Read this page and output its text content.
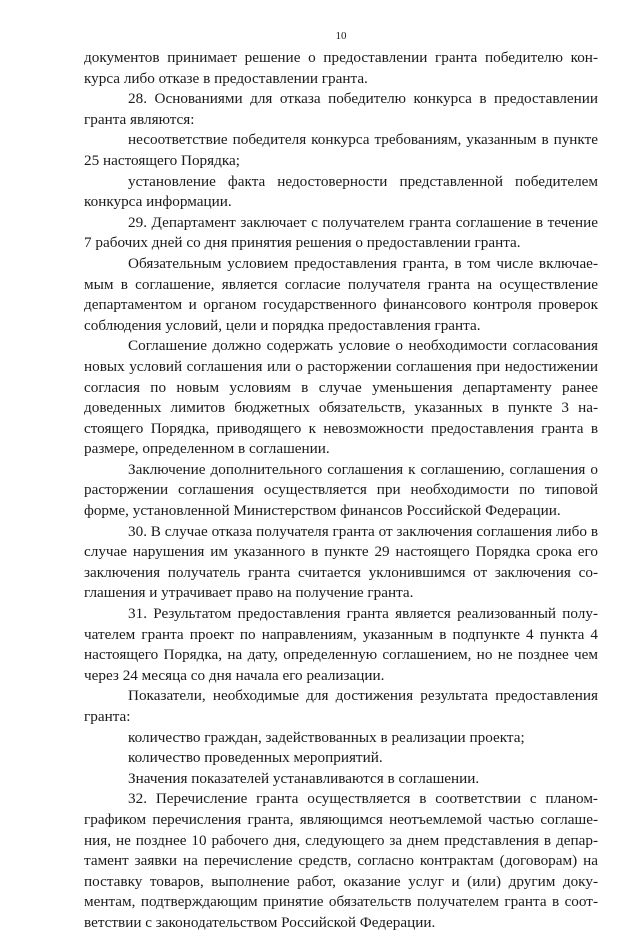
10

документов принимает решение о предоставлении гранта победителю конкурса либо отказе в предоставлении гранта.

28. Основаниями для отказа победителю конкурса в предоставлении гранта являются:

несоответствие победителя конкурса требованиям, указанным в пункте 25 настоящего Порядка;

установление факта недостоверности представленной победителем конкурса информации.

29. Департамент заключает с получателем гранта соглашение в течение 7 рабочих дней со дня принятия решения о предоставлении гранта.

Обязательным условием предоставления гранта, в том числе включаемым в соглашение, является согласие получателя гранта на осуществление департаментом и органом государственного финансового контроля проверок соблюдения условий, цели и порядка предоставления гранта.

Соглашение должно содержать условие о необходимости согласования новых условий соглашения или о расторжении соглашения при недостижении согласия по новым условиям в случае уменьшения департаменту ранее доведенных лимитов бюджетных обязательств, указанных в пункте 3 настоящего Порядка, приводящего к невозможности предоставления гранта в размере, определенном в соглашении.

Заключение дополнительного соглашения к соглашению, соглашения о расторжении соглашения осуществляется при необходимости по типовой форме, установленной Министерством финансов Российской Федерации.

30. В случае отказа получателя гранта от заключения соглашения либо в случае нарушения им указанного в пункте 29 настоящего Порядка срока его заключения получатель гранта считается уклонившимся от заключения соглашения и утрачивает право на получение гранта.

31. Результатом предоставления гранта является реализованный получателем гранта проект по направлениям, указанным в подпункте 4 пункта 4 настоящего Порядка, на дату, определенную соглашением, но не позднее чем через 24 месяца со дня начала его реализации.

Показатели, необходимые для достижения результата предоставления гранта:

количество граждан, задействованных в реализации проекта;

количество проведенных мероприятий.

Значения показателей устанавливаются в соглашении.

32. Перечисление гранта осуществляется в соответствии с планом-графиком перечисления гранта, являющимся неотъемлемой частью соглашения, не позднее 10 рабочего дня, следующего за днем представления в департамент заявки на перечисление средств, согласно контрактам (договорам) на поставку товаров, выполнение работ, оказание услуг и (или) другим документам, подтверждающим принятие обязательств получателем гранта в соответствии с законодательством Российской Федерации.
